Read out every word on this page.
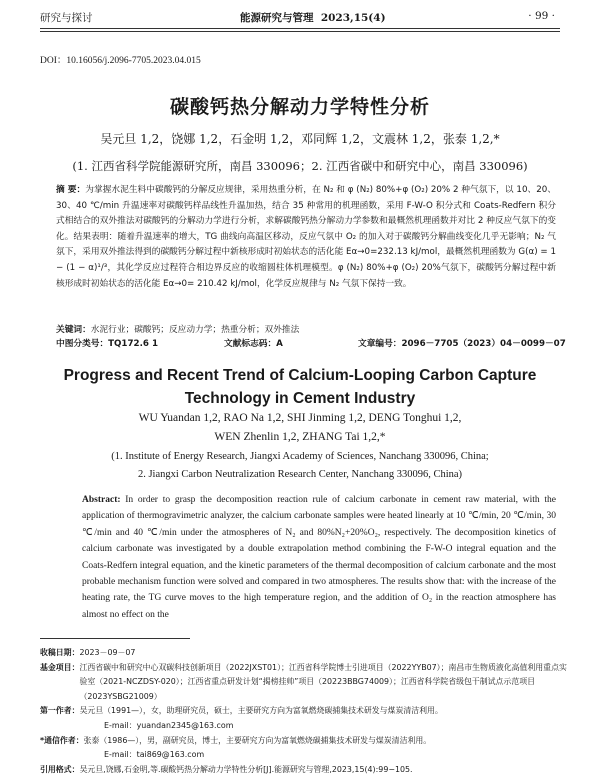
研究与探讨	能源研究与管理 2023,15(4)	· 99 ·
DOI：10.16056/j.2096-7705.2023.04.015
碳酸钙热分解动力学特性分析
吴元旦 1,2，饶娜 1,2，石金明 1,2，邓同辉 1,2，文震林 1,2，张泰 1,2,*
(1. 江西省科学院能源研究所，南昌 330096；2. 江西省碳中和研究中心，南昌 330096)
摘 要：为掌握水泥生料中碳酸钙的分解反应规律，采用热重分析，在 N₂ 和 φ (N₂) 80%+φ (O₂) 20% 2 种气氛下，以 10、20、30、40 ℃/min 升温速率对碳酸钙样品线性升温加热，结合 35 种常用的机理函数，采用 F-W-O 积分式和 Coats-Redfern 积分式相结合的双外推法对碳酸钙的分解动力学进行分析，求解碳酸钙热分解动力学参数和最概然机理函数并对比 2 种反应气氛下的变化。结果表明：随着升温速率的增大，TG 曲线向高温区移动，反应气氛中 O₂ 的加入对于碳酸钙分解曲线变化几乎无影响；N₂ 气氛下，采用双外推法得到的碳酸钙分解过程中新核形成时初始状态的活化能 Eα→0=232.13 kJ/mol，最概然机理函数为 G(α) = 1 − (1 − α)¹/³，其化学反应过程符合相边界反应的收缩圆柱体机理模型。φ (N₂) 80%+φ (O₂) 20%气氛下，碳酸钙分解过程中新核形成时初始状态的活化能 Eα→0= 210.42 kJ/mol，化学反应规律与 N₂ 气氛下保持一致。
关键词：水泥行业；碳酸钙；反应动力学；热重分析；双外推法
中图分类号：TQ172.6 1	文献标志码：A	文章编号：2096－7705（2023）04－0099－07
Progress and Recent Trend of Calcium-Looping Carbon Capture Technology in Cement Industry
WU Yuandan 1,2, RAO Na 1,2, SHI Jinming 1,2, DENG Tonghui 1,2,
WEN Zhenlin 1,2, ZHANG Tai 1,2,*
(1. Institute of Energy Research, Jiangxi Academy of Sciences, Nanchang 330096, China;
2. Jiangxi Carbon Neutralization Research Center, Nanchang 330096, China)
Abstract: In order to grasp the decomposition reaction rule of calcium carbonate in cement raw material, with the application of thermogravimetric analyzer, the calcium carbonate samples were heated linearly at 10 ℃/min, 20 ℃/min, 30 ℃/min and 40 ℃/min under the atmospheres of N₂ and 80%N₂+20%O₂, respectively. The decomposition kinetics of calcium carbonate was investigated by a double extrapolation method combining the F-W-O integral equation and the Coats-Redfern integral equation, and the kinetic parameters of the thermal decomposition of calcium carbonate and the most probable mechanism function were solved and compared in two atmospheres. The results show that: with the increase of the heating rate, the TG curve moves to the high temperature region, and the addition of O₂ in the reaction atmosphere has almost no effect on the
收稿日期： 2023－09－07
基金项目： 江西省碳中和研究中心双碳科技创新项目（2022JXST01）；江西省科学院博士引进项目（2022YYB07）；南昌市生物质液化高值利用重点实验室（2021-NCZDSY-020）；江西省重点研发计划“揭榜挂帅”项目（20223BBG74009）；江西省科学院省级包干制试点示范项目（2023YSBG21009）
第一作者： 吴元旦（1991—），女，助理研究员，硕士，主要研究方向为富氧燃烧碳捕集技术研发与煤炭清洁利用。
E-mail：yuandan2345@163.com
*通信作者： 张泰（1986—），男，副研究员，博士，主要研究方向为富氧燃烧碳捕集技术研发与煤炭清洁利用。
E-mail：tai869@163.com
引用格式： 吴元旦,饶娜,石金明,等.碳酸钙热分解动力学特性分析[J].能源研究与管理,2023,15(4):99−105.
